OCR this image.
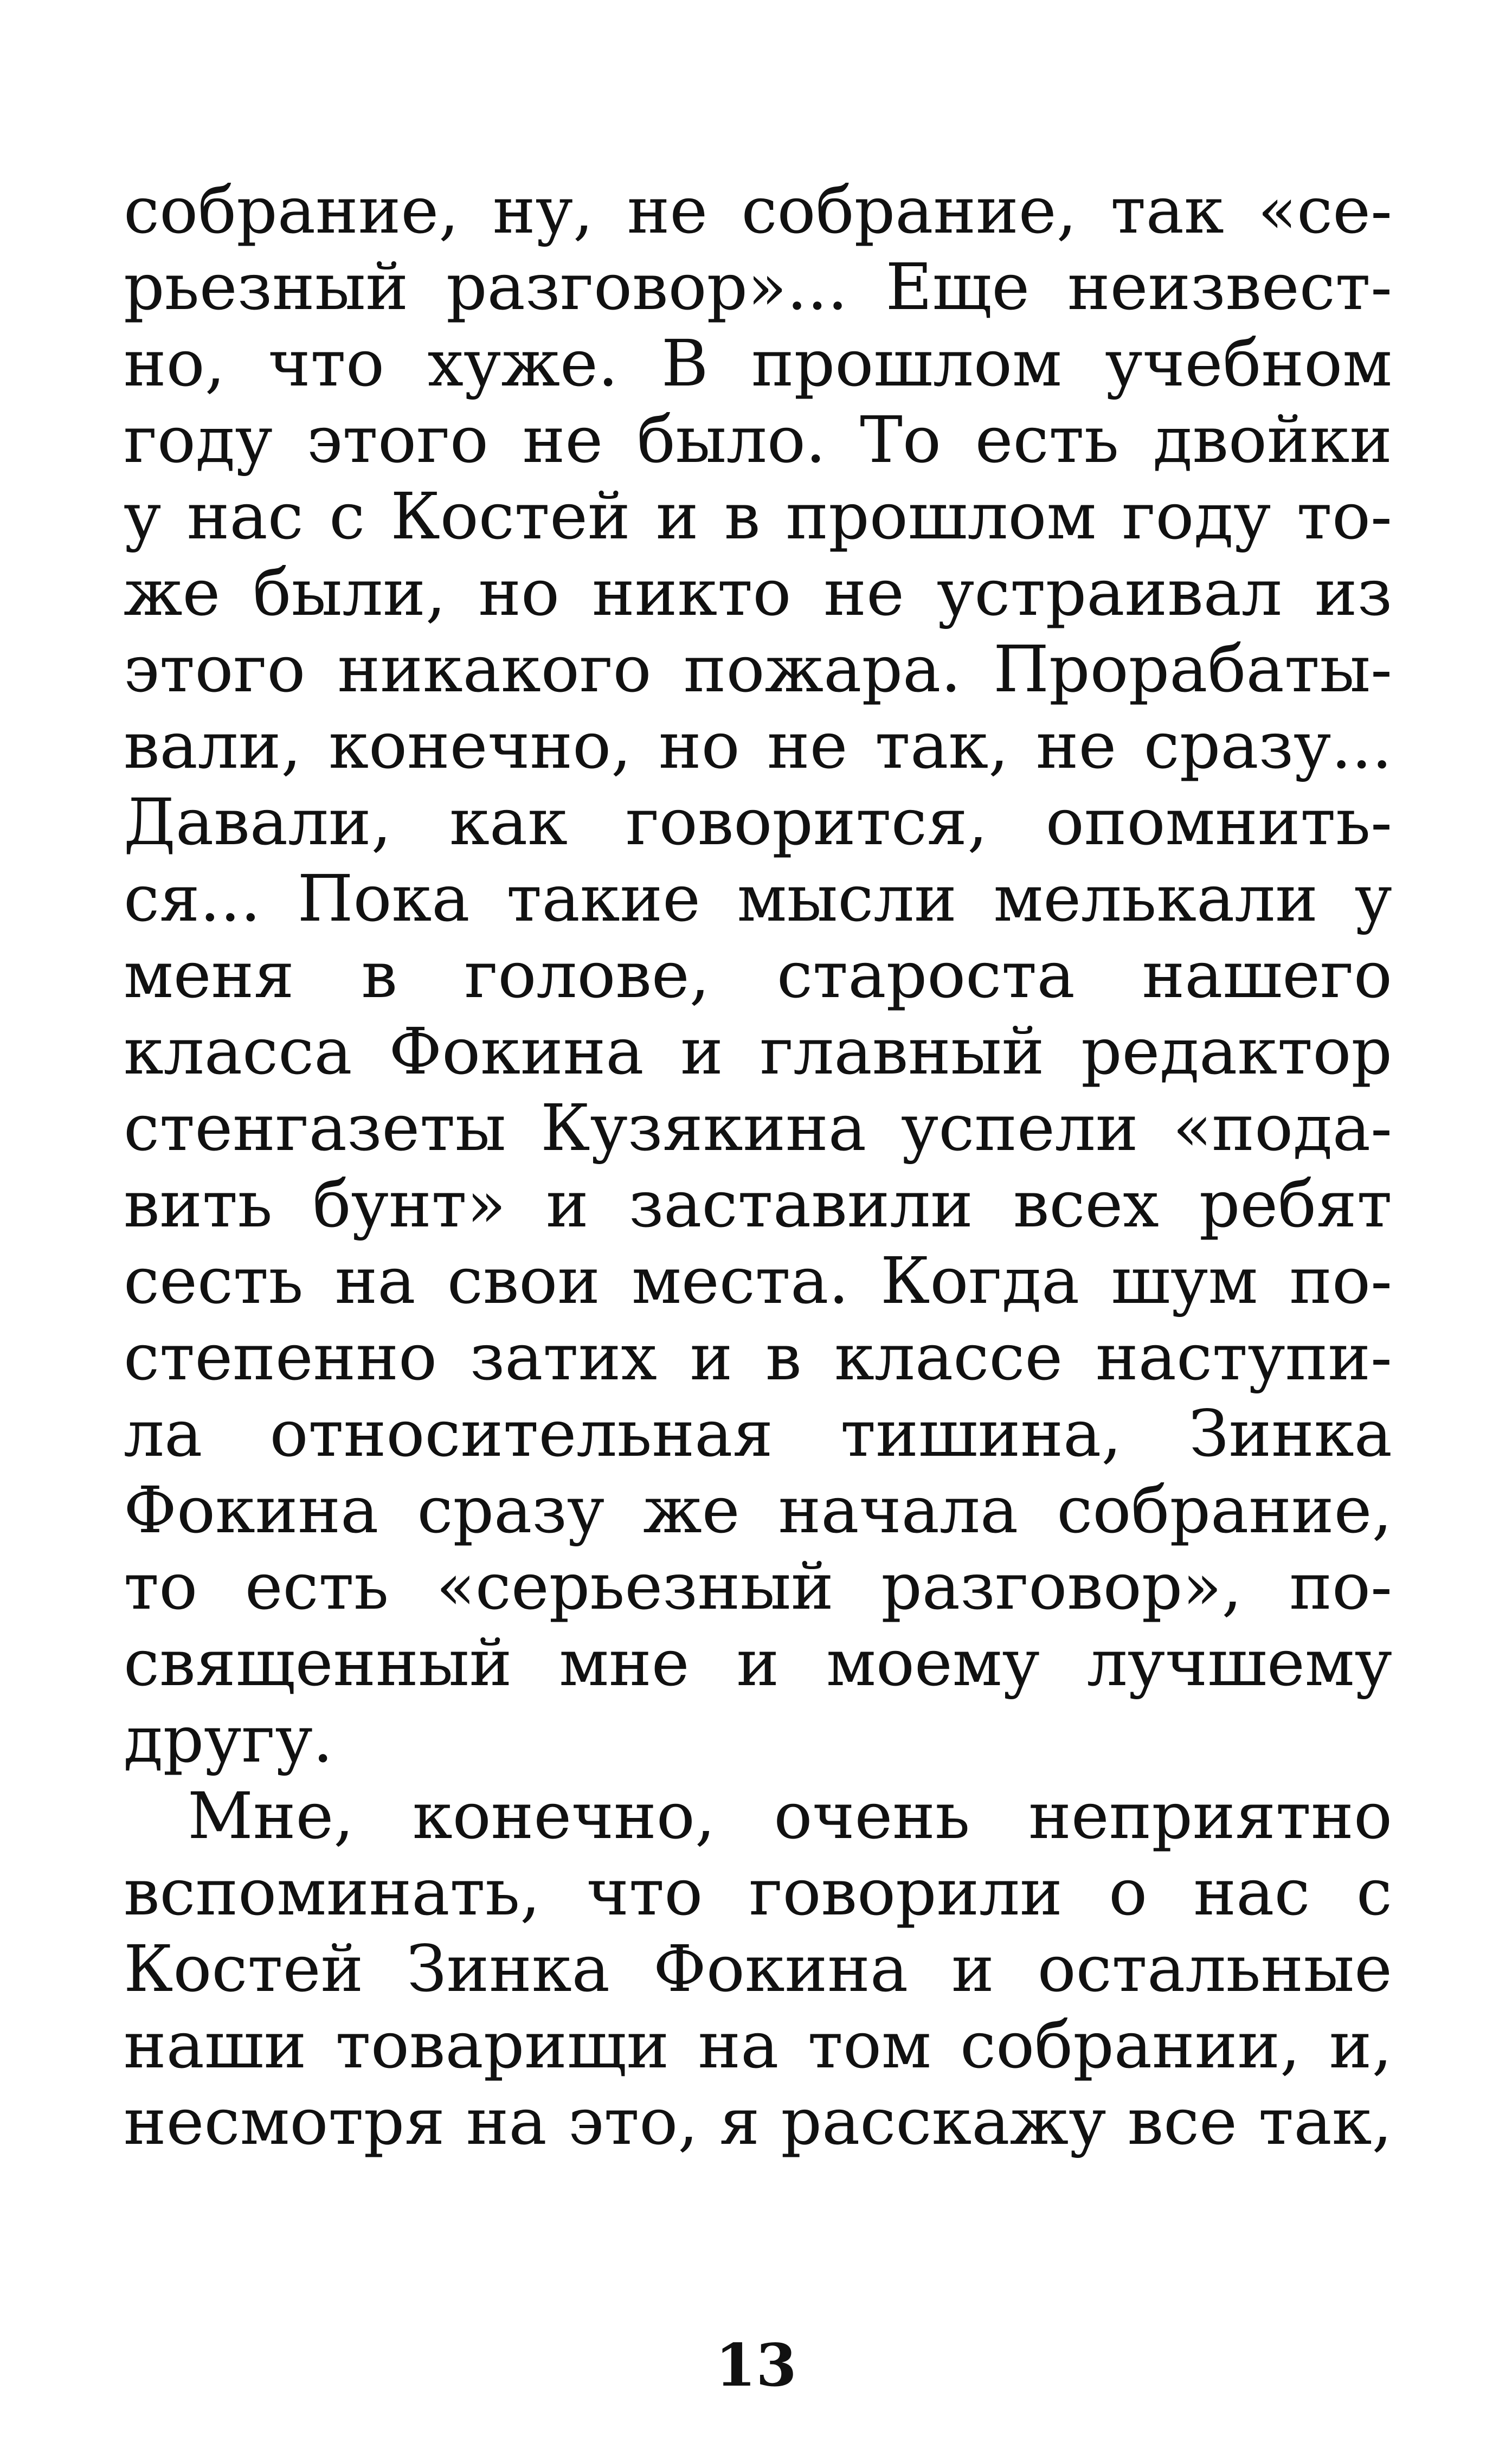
собрание, ну, не собрание, так «се-
рьезный разговор»... Еще неизвест-
но, что хуже. В прошлом учебном
году этого не было. То есть двойки
у нас с Костей и в прошлом году то-
же были, но никто не устраивал из
этого никакого пожара. Прорабаты-
вали, конечно, но не так, не сразу...
Давали, как говорится, опомнить-
ся... Пока такие мысли мелькали у
меня в голове, староста нашего
класса Фокина и главный редактор
стенгазеты Кузякина успели «пода-
вить бунт» и заставили всех ребят
сесть на свои места. Когда шум по-
степенно затих и в классе наступи-
ла относительная тишина, Зинка
Фокина сразу же начала собрание,
то есть «серьезный разговор», по-
священный мне и моему лучшему
другу.
Мне, конечно, очень неприятно
вспоминать, что говорили о нас с
Костей Зинка Фокина и остальные
наши товарищи на том собрании, и,
несмотря на это, я расскажу все так,
13
